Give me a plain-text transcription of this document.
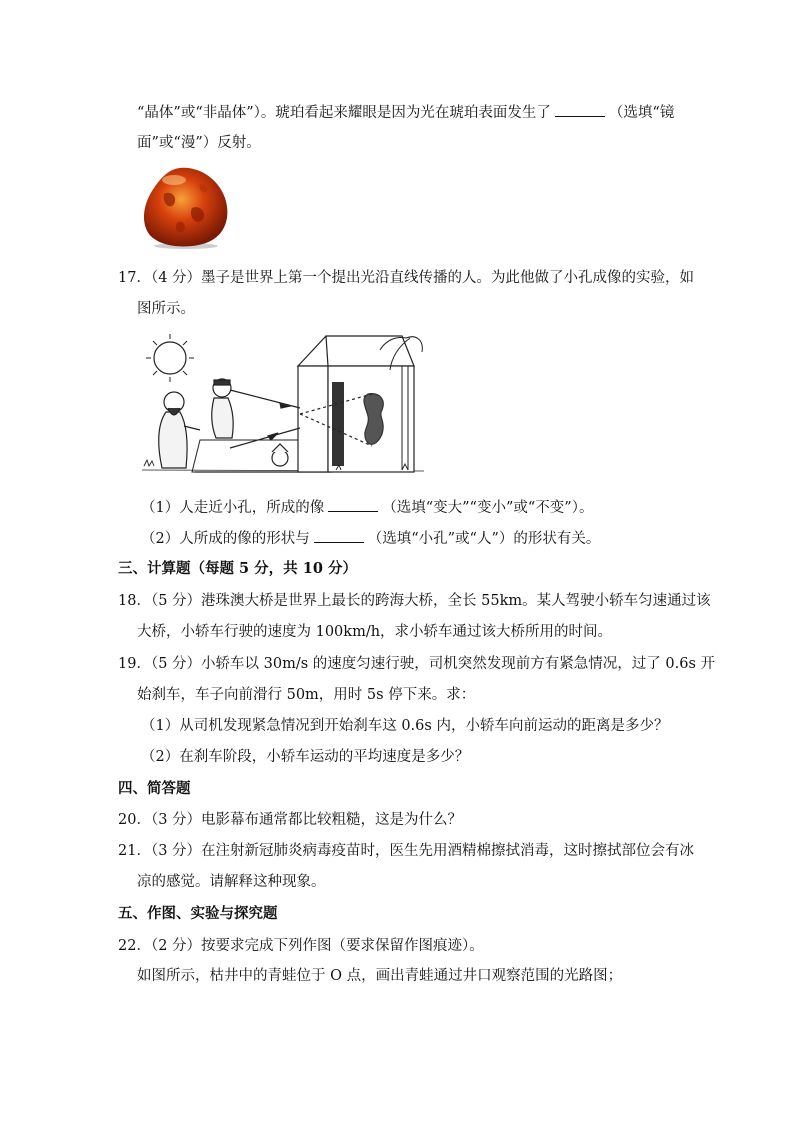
“晶体”或“非晶体”）。琥珀看起来耀眼是因为光在琥珀表面发生了	（选填“镜
面”或“漫”）反射。
17．（4 分）墨子是世界上第一个提出光沿直线传播的人。为此他做了小孔成像的实验，如
图所示。
（1）人走近小孔，所成的像	（选填“变大”“变小”或“不变”）。
（2）人所成的像的形状与	（选填“小孔”或“人”）的形状有关。
三、计算题（每题 5 分，共 10 分）
18．（5 分）港珠澳大桥是世界上最长的跨海大桥，全长 55km。某人驾驶小轿车匀速通过该
大桥，小轿车行驶的速度为 100km/h，求小轿车通过该大桥所用的时间。
19．（5 分）小轿车以 30m/s 的速度匀速行驶，司机突然发现前方有紧急情况，过了 0.6s 开
始刹车，车子向前滑行 50m，用时 5s 停下来。求：
（1）从司机发现紧急情况到开始刹车这 0.6s 内，小轿车向前运动的距离是多少？
（2）在刹车阶段，小轿车运动的平均速度是多少？
四、简答题
20．（3 分）电影幕布通常都比较粗糙，这是为什么？
21．（3 分）在注射新冠肺炎病毒疫苗时，医生先用酒精棉擦拭消毒，这时擦拭部位会有冰
凉的感觉。请解释这种现象。
五、作图、实验与探究题
22．（2 分）按要求完成下列作图（要求保留作图痕迹）。
如图所示，枯井中的青蛙位于 O 点，画出青蛙通过井口观察范围的光路图；
